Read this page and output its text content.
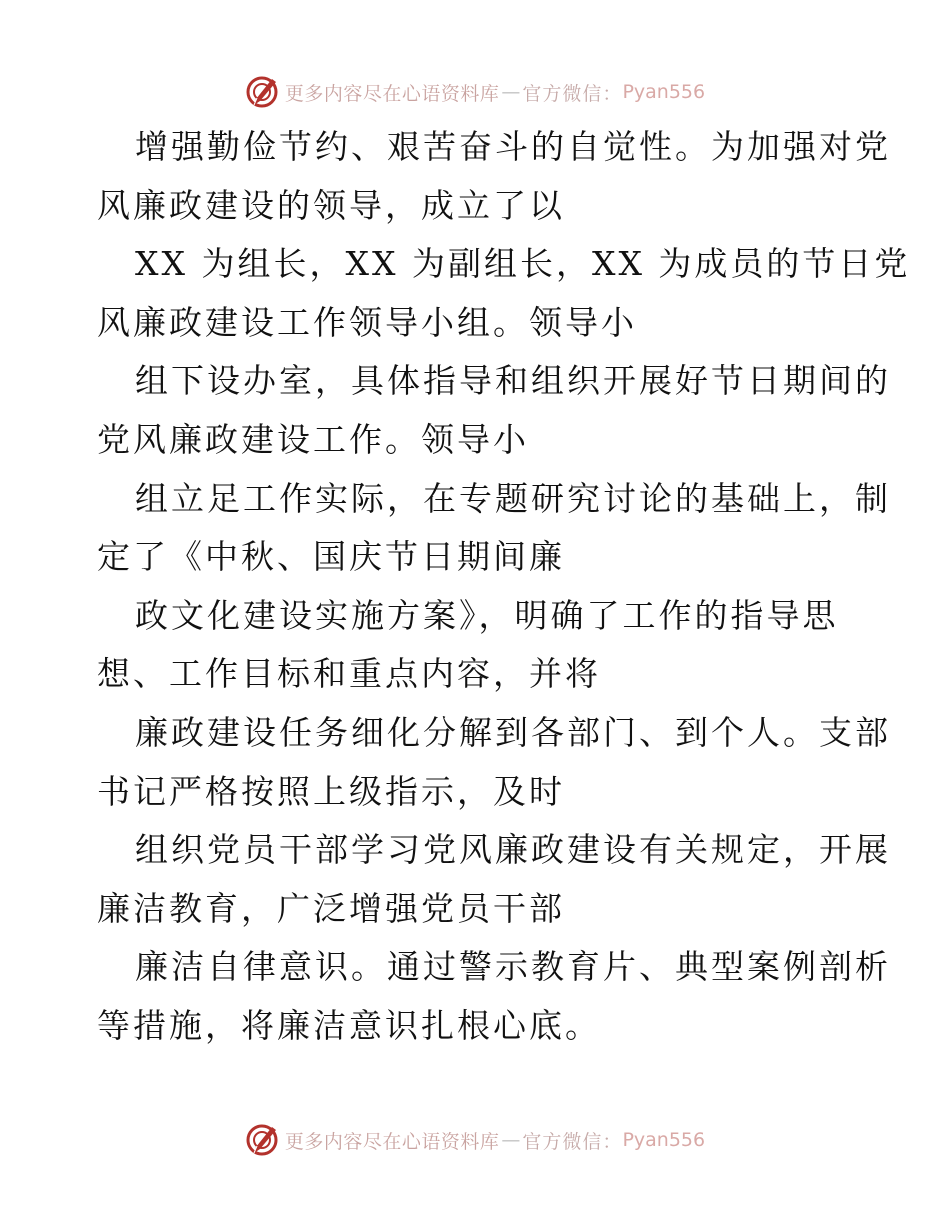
更多内容尽在心语资料库 — 官方微信： Pyan556
增强勤俭节约、艰苦奋斗的自觉性。为加强对党
风廉政建设的领导，成立了以
XX 为组长，XX 为副组长，XX 为成员的节日党
风廉政建设工作领导小组。领导小
组下设办室，具体指导和组织开展好节日期间的
党风廉政建设工作。领导小
组立足工作实际，在专题研究讨论的基础上，制
定了《中秋、国庆节日期间廉
政文化建设实施方案》，明确了工作的指导思
想、工作目标和重点内容，并将
廉政建设任务细化分解到各部门、到个人。支部
书记严格按照上级指示，及时
组织党员干部学习党风廉政建设有关规定，开展
廉洁教育，广泛增强党员干部
廉洁自律意识。通过警示教育片、典型案例剖析
等措施，将廉洁意识扎根心底。
更多内容尽在心语资料库 — 官方微信： Pyan556
